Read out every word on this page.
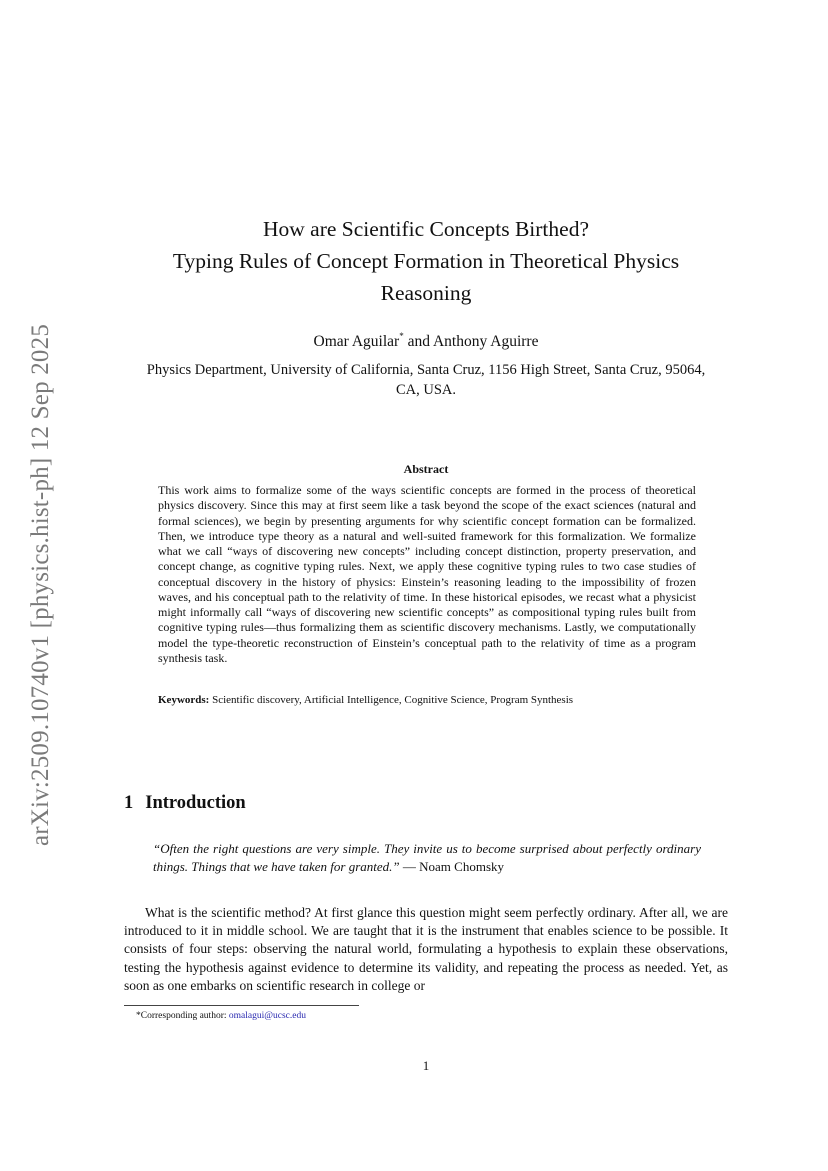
arXiv:2509.10740v1 [physics.hist-ph] 12 Sep 2025
How are Scientific Concepts Birthed?
Typing Rules of Concept Formation in Theoretical Physics
Reasoning
Omar Aguilar* and Anthony Aguirre
Physics Department, University of California, Santa Cruz, 1156 High Street, Santa Cruz, 95064, CA, USA.
Abstract
This work aims to formalize some of the ways scientific concepts are formed in the process of theoretical physics discovery. Since this may at first seem like a task beyond the scope of the exact sciences (natural and formal sciences), we begin by presenting arguments for why scientific concept formation can be formalized. Then, we introduce type theory as a natural and well-suited framework for this formalization. We formalize what we call “ways of discovering new concepts” including concept distinction, property preservation, and concept change, as cognitive typing rules. Next, we apply these cognitive typing rules to two case studies of conceptual discovery in the history of physics: Einstein’s reasoning leading to the impossibility of frozen waves, and his conceptual path to the relativity of time. In these historical episodes, we recast what a physicist might informally call “ways of discovering new scientific concepts” as compositional typing rules built from cognitive typing rules—thus formalizing them as scientific discovery mechanisms. Lastly, we computationally model the type-theoretic reconstruction of Einstein’s conceptual path to the relativity of time as a program synthesis task.
Keywords: Scientific discovery, Artificial Intelligence, Cognitive Science, Program Synthesis
1 Introduction
“Often the right questions are very simple. They invite us to become surprised about perfectly ordinary things. Things that we have taken for granted.” — Noam Chomsky
What is the scientific method? At first glance this question might seem perfectly ordinary. After all, we are introduced to it in middle school. We are taught that it is the instrument that enables science to be possible. It consists of four steps: observing the natural world, formulating a hypothesis to explain these observations, testing the hypothesis against evidence to determine its validity, and repeating the process as needed. Yet, as soon as one embarks on scientific research in college or
*Corresponding author: omalagui@ucsc.edu
1
